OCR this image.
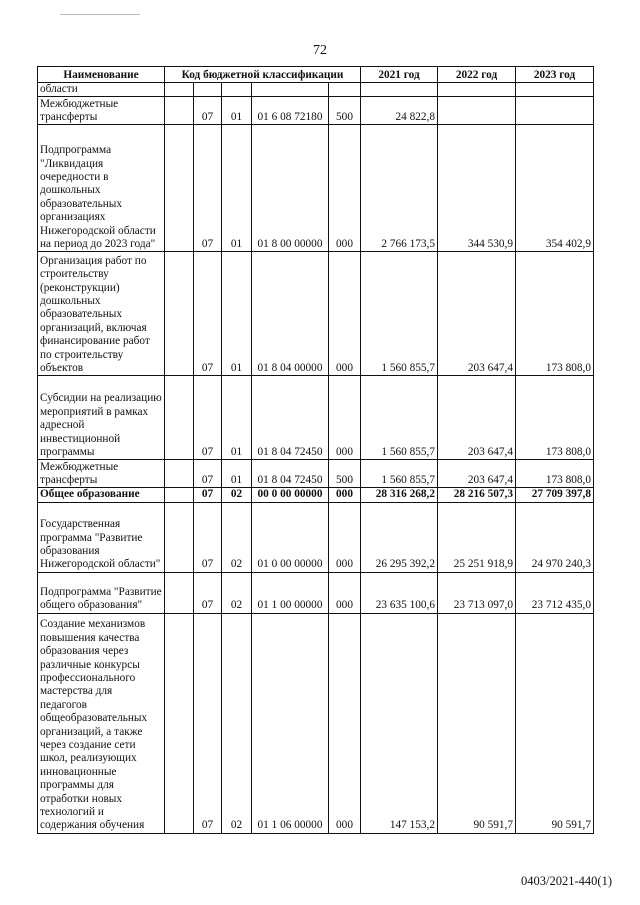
72
Наименование	Код бюджетной классификации					2021 год	2022 год	2023 год
области								
Межбюджетные трансферты		07	01	01 6 08 72180	500	24 822,8		
Подпрограмма "Ликвидация очередности в дошкольных образовательных организациях Нижегородской области на период до 2023 года"		07	01	01 8 00 00000	000	2 766 173,5	344 530,9	354 402,9
Организация работ по строительству (реконструкции) дошкольных образовательных организаций, включая финансирование работ по строительству объектов		07	01	01 8 04 00000	000	1 560 855,7	203 647,4	173 808,0
Субсидии на реализацию мероприятий в рамках адресной инвестиционной программы		07	01	01 8 04 72450	000	1 560 855,7	203 647,4	173 808,0
Межбюджетные трансферты		07	01	01 8 04 72450	500	1 560 855,7	203 647,4	173 808,0
Общее образование		07	02	00 0 00 00000	000	28 316 268,2	28 216 507,3	27 709 397,8
Государственная программа "Развитие образования Нижегородской области"		07	02	01 0 00 00000	000	26 295 392,2	25 251 918,9	24 970 240,3
Подпрограмма "Развитие общего образования"		07	02	01 1 00 00000	000	23 635 100,6	23 713 097,0	23 712 435,0
Создание механизмов повышения качества образования через различные конкурсы профессионального мастерства для педагогов общеобразовательных организаций, а также через создание сети школ, реализующих инновационные программы для отработки новых технологий и содержания обучения		07	02	01 1 06 00000	000	147 153,2	90 591,7	90 591,7
0403/2021-440(1)
